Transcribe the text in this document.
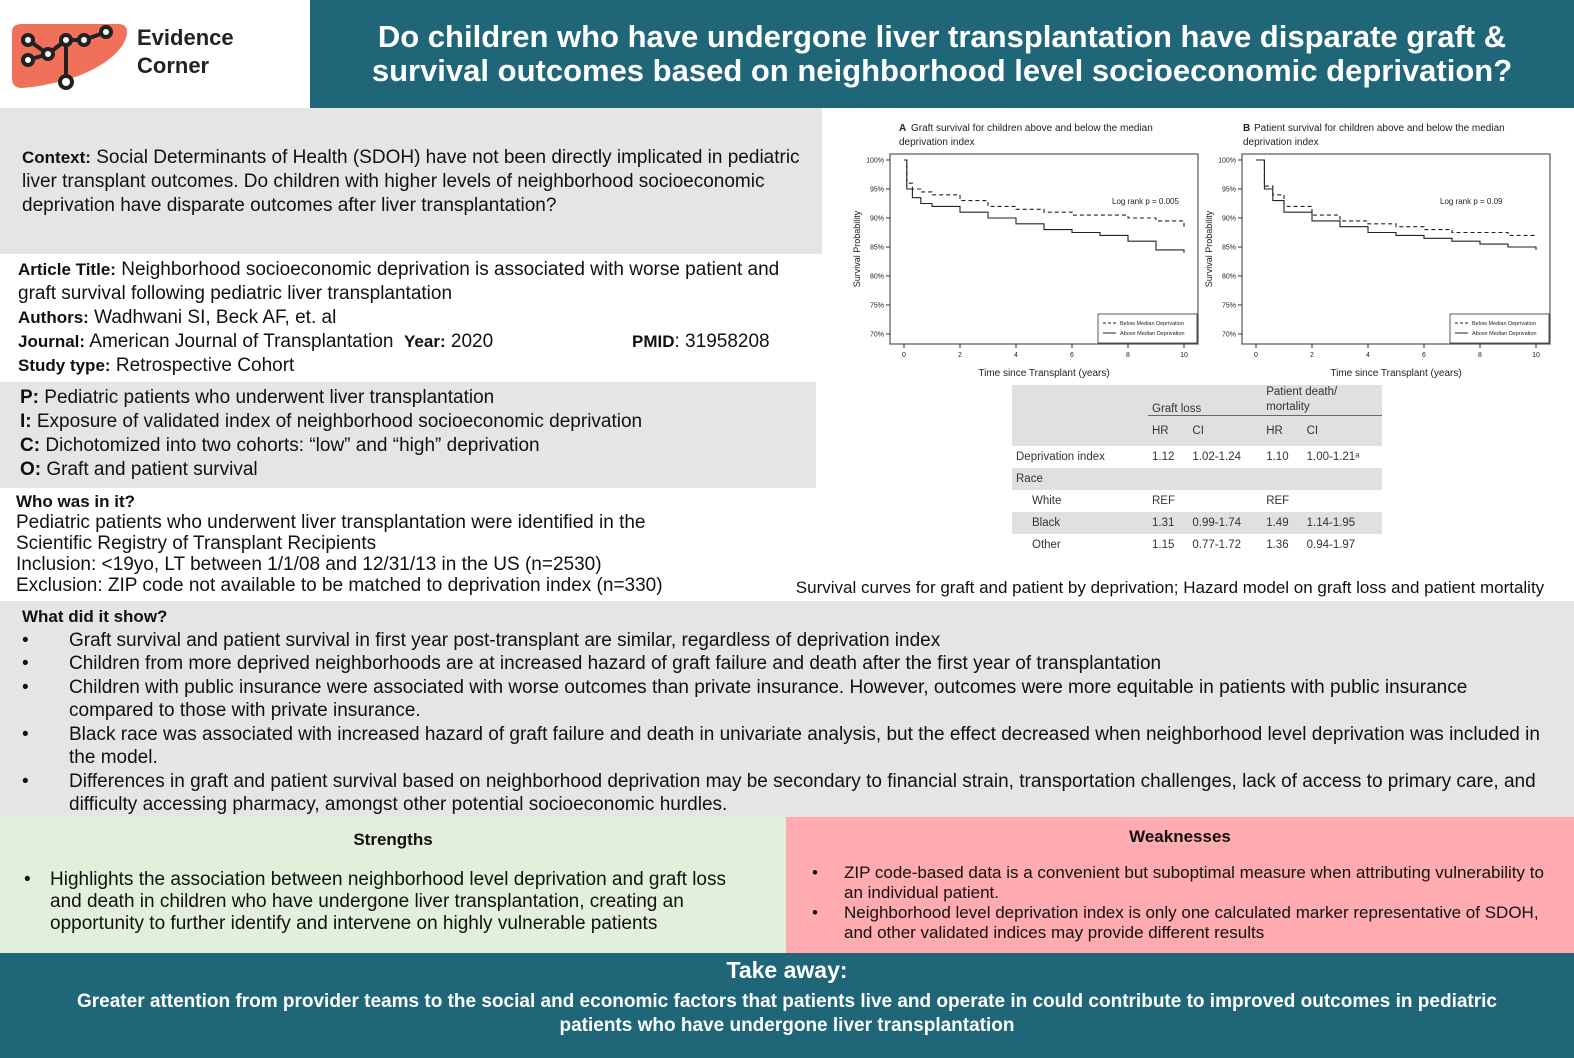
Evidence
Corner
Do children who have undergone liver transplantation have disparate graft & survival outcomes based on neighborhood level socioeconomic deprivation?
Context: Social Determinants of Health (SDOH) have not been directly implicated in pediatric liver transplant outcomes. Do children with higher levels of neighborhood socioeconomic deprivation have disparate outcomes after liver transplantation?
Article Title: Neighborhood socioeconomic deprivation is associated with worse patient and graft survival following pediatric liver transplantation
Authors: Wadhwani SI, Beck AF, et. al
Journal: American Journal of Transplantation Year: 2020	PMID: 31958208
Study type: Retrospective Cohort
P: Pediatric patients who underwent liver transplantation
I: Exposure of validated index of neighborhood socioeconomic deprivation
C: Dichotomized into two cohorts: “low” and “high” deprivation
O: Graft and patient survival
Who was in it?
Pediatric patients who underwent liver transplantation were identified in the Scientific Registry of Transplant Recipients
Inclusion: <19yo, LT between 1/1/08 and 12/31/13 in the US (n=2530)
Exclusion: ZIP code not available to be matched to deprivation index (n=330)
A Graft survival for children above and below the median
deprivation index
100%
95%
90%
85%
80%
75%
70%
0	2	4	6	8	10
Time since Transplant (years)
Survival Probability
Log rank p = 0.005
Below Median Deprivation
Above Median Deprivation
B Patient survival for children above and below the median
deprivation index
100%
95%
90%
85%
80%
75%
70%
0	2	4	6	8	10
Time since Transplant (years)
Survival Probability
Log rank p = 0.09
Below Median Deprivation
Above Median Deprivation
	Graft loss		Patient death/
mortality	
	HR	CI	HR	CI
Deprivation index	1.12	1.02-1.24	1.10	1.00-1.21ᵃ
Race				
White	REF		REF	
Black	1.31	0.99-1.74	1.49	1.14-1.95
Other	1.15	0.77-1.72	1.36	0.94-1.97
Survival curves for graft and patient by deprivation; Hazard model on graft loss and patient mortality
What did it show?
• Graft survival and patient survival in first year post-transplant are similar, regardless of deprivation index
• Children from more deprived neighborhoods are at increased hazard of graft failure and death after the first year of transplantation
• Children with public insurance were associated with worse outcomes than private insurance. However, outcomes were more equitable in patients with public insurance compared to those with private insurance.
• Black race was associated with increased hazard of graft failure and death in univariate analysis, but the effect decreased when neighborhood level deprivation was included in the model.
• Differences in graft and patient survival based on neighborhood deprivation may be secondary to financial strain, transportation challenges, lack of access to primary care, and difficulty accessing pharmacy, amongst other potential socioeconomic hurdles.
Strengths
• Highlights the association between neighborhood level deprivation and graft loss and death in children who have undergone liver transplantation, creating an opportunity to further identify and intervene on highly vulnerable patients
Weaknesses
• ZIP code-based data is a convenient but suboptimal measure when attributing vulnerability to an individual patient.
• Neighborhood level deprivation index is only one calculated marker representative of SDOH, and other validated indices may provide different results
Take away:
Greater attention from provider teams to the social and economic factors that patients live and operate in could contribute to improved outcomes in pediatric patients who have undergone liver transplantation
